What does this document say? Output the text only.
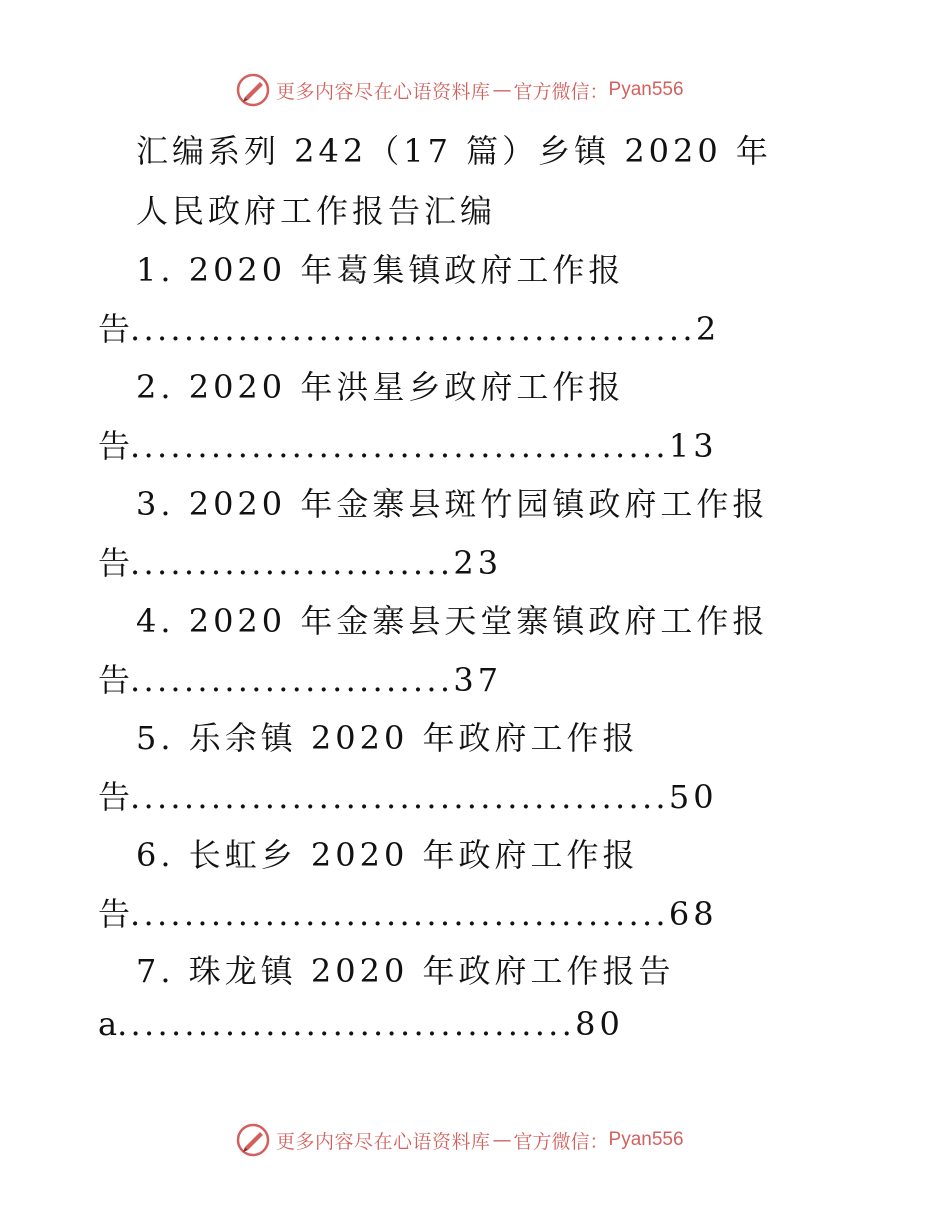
更多内容尽在心语资料库 — 官方微信： Pyan556
汇编系列 242（17 篇）乡镇 2020 年
人民政府工作报告汇编
1. 2020 年葛集镇政府工作报
告 .......................................... 2
2. 2020 年洪星乡政府工作报
告 ........................................ 13
3. 2020 年金寨县斑竹园镇政府工作报
告 ........................ 23
4. 2020 年金寨县天堂寨镇政府工作报
告 ........................ 37
5. 乐余镇 2020 年政府工作报
告 ........................................ 50
6. 长虹乡 2020 年政府工作报
告 ........................................ 68
7. 珠龙镇 2020 年政府工作报告
a .................................. 80
更多内容尽在心语资料库 — 官方微信： Pyan556
